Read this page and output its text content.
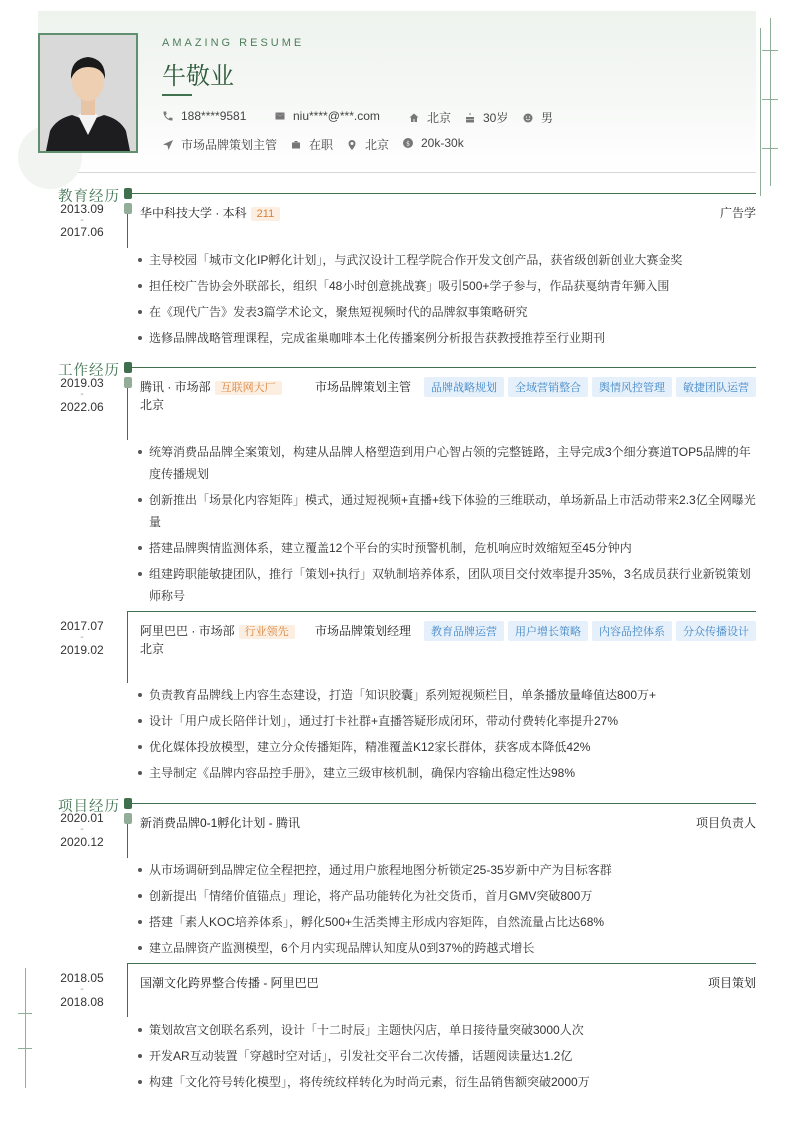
AMAZING RESUME
牛敬业
188****9581	niu****@***.com	北京	30岁	男
市场品牌策划主管	在职	北京 $ 20k-30k
教育经历
2013.09
-
2017.06
华中科技大学 · 本科 211	广告学
主导校园「城市文化IP孵化计划」，与武汉设计工程学院合作开发文创产品，获省级创新创业大赛金奖
担任校广告协会外联部长，组织「48小时创意挑战赛」吸引500+学子参与，作品获戛纳青年狮入围
在《现代广告》发表3篇学术论文，聚焦短视频时代的品牌叙事策略研究
选修品牌战略管理课程，完成雀巢咖啡本土化传播案例分析报告获教授推荐至行业期刊
工作经历
2019.03
-
2022.06
腾讯 · 市场部 互联网大厂	市场品牌策划主管	品牌战略规划	全域营销整合	舆情风控管理	敏捷团队运营
北京
统筹消费品品牌全案策划，构建从品牌人格塑造到用户心智占领的完整链路，主导完成3个细分赛道TOP5品牌的年度传播规划
创新推出「场景化内容矩阵」模式，通过短视频+直播+线下体验的三维联动，单场新品上市活动带来2.3亿全网曝光量
搭建品牌舆情监测体系，建立覆盖12个平台的实时预警机制，危机响应时效缩短至45分钟内
组建跨职能敏捷团队，推行「策划+执行」双轨制培养体系，团队项目交付效率提升35%，3名成员获行业新锐策划师称号
2017.07
-
2019.02
阿里巴巴 · 市场部 行业领先	市场品牌策划经理	教育品牌运营	用户增长策略	内容品控体系	分众传播设计
北京
负责教育品牌线上内容生态建设，打造「知识胶囊」系列短视频栏目，单条播放量峰值达800万+
设计「用户成长陪伴计划」，通过打卡社群+直播答疑形成闭环，带动付费转化率提升27%
优化媒体投放模型，建立分众传播矩阵，精准覆盖K12家长群体，获客成本降低42%
主导制定《品牌内容品控手册》，建立三级审核机制，确保内容输出稳定性达98%
项目经历
2020.01
-
2020.12
新消费品牌0-1孵化计划 - 腾讯	项目负责人
从市场调研到品牌定位全程把控，通过用户旅程地图分析锁定25-35岁新中产为目标客群
创新提出「情绪价值锚点」理论，将产品功能转化为社交货币，首月GMV突破800万
搭建「素人KOC培养体系」，孵化500+生活类博主形成内容矩阵，自然流量占比达68%
建立品牌资产监测模型，6个月内实现品牌认知度从0到37%的跨越式增长
2018.05
-
2018.08
国潮文化跨界整合传播 - 阿里巴巴	项目策划
策划故宫文创联名系列，设计「十二时辰」主题快闪店，单日接待量突破3000人次
开发AR互动装置「穿越时空对话」，引发社交平台二次传播，话题阅读量达1.2亿
构建「文化符号转化模型」，将传统纹样转化为时尚元素，衍生品销售额突破2000万
